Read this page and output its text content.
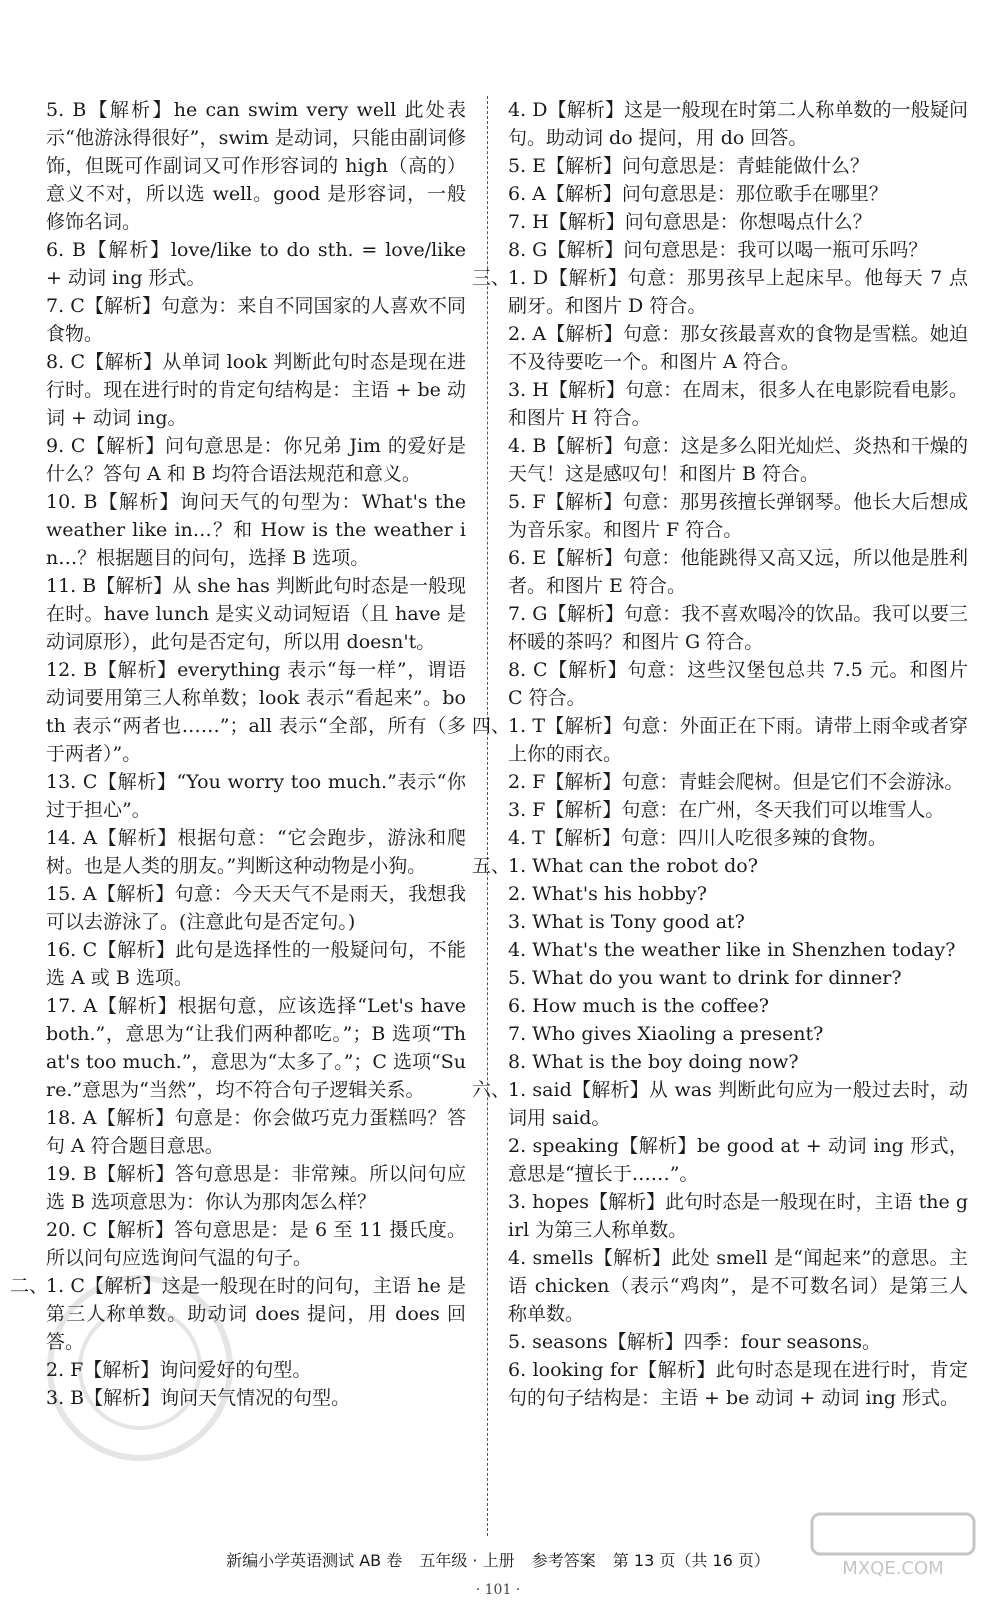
5. B【解析】he can swim very well 此处表示“他游泳得很好”，swim 是动词，只能由副词修饰，但既可作副词又可作形容词的 high（高的）意义不对，所以选 well。good 是形容词，一般修饰名词。

6. B【解析】love/like to do sth. = love/like + 动词 ing 形式。

7. C【解析】句意为：来自不同国家的人喜欢不同食物。

8. C【解析】从单词 look 判断此句时态是现在进行时。现在进行时的肯定句结构是：主语 + be 动词 + 动词 ing。

9. C【解析】问句意思是：你兄弟 Jim 的爱好是什么？答句 A 和 B 均符合语法规范和意义。

10. B【解析】询问天气的句型为：What's the weather like in…？和 How is the weather in…？根据题目的问句，选择 B 选项。

11. B【解析】从 she has 判断此句时态是一般现在时。have lunch 是实义动词短语（且 have 是动词原形），此句是否定句，所以用 doesn't。

12. B【解析】everything 表示“每一样”，谓语动词要用第三人称单数；look 表示“看起来”。both 表示“两者也……”；all 表示“全部，所有（多于两者）”。

13. C【解析】“You worry too much.”表示“你过于担心”。

14. A【解析】根据句意：“它会跑步，游泳和爬树。也是人类的朋友。”判断这种动物是小狗。

15. A【解析】句意：今天天气不是雨天，我想我可以去游泳了。(注意此句是否定句。)

16. C【解析】此句是选择性的一般疑问句，不能选 A 或 B 选项。

17. A【解析】根据句意，应该选择“Let's have both.”，意思为“让我们两种都吃。”；B 选项“That's too much.”，意思为“太多了。”；C 选项“Sure.”意思为“当然”，均不符合句子逻辑关系。

18. A【解析】句意是：你会做巧克力蛋糕吗？答句 A 符合题目意思。

19. B【解析】答句意思是：非常辣。所以问句应选 B 选项意思为：你认为那肉怎么样？

20. C【解析】答句意思是：是 6 至 11 摄氏度。所以问句应选询问气温的句子。

二、

1. C【解析】这是一般现在时的问句，主语 he 是第三人称单数。助动词 does 提问，用 does 回答。

2. F【解析】询问爱好的句型。

3. B【解析】询问天气情况的句型。

4. D【解析】这是一般现在时第二人称单数的一般疑问句。助动词 do 提问，用 do 回答。

5. E【解析】问句意思是：青蛙能做什么？

6. A【解析】问句意思是：那位歌手在哪里？

7. H【解析】问句意思是：你想喝点什么？

8. G【解析】问句意思是：我可以喝一瓶可乐吗？

三、

1. D【解析】句意：那男孩早上起床早。他每天 7 点刷牙。和图片 D 符合。

2. A【解析】句意：那女孩最喜欢的食物是雪糕。她迫不及待要吃一个。和图片 A 符合。

3. H【解析】句意：在周末，很多人在电影院看电影。和图片 H 符合。

4. B【解析】句意：这是多么阳光灿烂、炎热和干燥的天气！这是感叹句！和图片 B 符合。

5. F【解析】句意：那男孩擅长弹钢琴。他长大后想成为音乐家。和图片 F 符合。

6. E【解析】句意：他能跳得又高又远，所以他是胜利者。和图片 E 符合。

7. G【解析】句意：我不喜欢喝冷的饮品。我可以要三杯暖的茶吗？和图片 G 符合。

8. C【解析】句意：这些汉堡包总共 7.5 元。和图片 C 符合。

四、

1. T【解析】句意：外面正在下雨。请带上雨伞或者穿上你的雨衣。

2. F【解析】句意：青蛙会爬树。但是它们不会游泳。

3. F【解析】句意：在广州，冬天我们可以堆雪人。

4. T【解析】句意：四川人吃很多辣的食物。

五、

1. What can the robot do?

2. What's his hobby?

3. What is Tony good at?

4. What's the weather like in Shenzhen today?

5. What do you want to drink for dinner?

6. How much is the coffee?

7. Who gives Xiaoling a present?

8. What is the boy doing now?

六、

1. said【解析】从 was 判断此句应为一般过去时，动词用 said。

2. speaking【解析】be good at + 动词 ing 形式，意思是“擅长于……”。

3. hopes【解析】此句时态是一般现在时，主语 the girl 为第三人称单数。

4. smells【解析】此处 smell 是“闻起来”的意思。主语 chicken（表示“鸡肉”，是不可数名词）是第三人称单数。

5. seasons【解析】四季：four seasons。

6. looking for【解析】此句时态是现在进行时，肯定句的句子结构是：主语 + be 动词 + 动词 ing 形式。

新编小学英语测试 AB 卷 五年级 · 上册 参考答案 第 13 页（共 16 页）
· 101 ·
MXQE.COM
